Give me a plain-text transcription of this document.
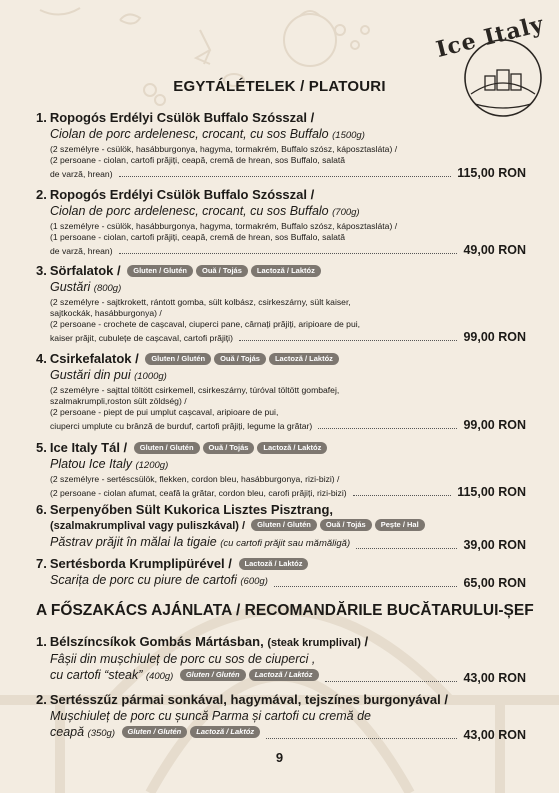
Ice Italy
EGYTÁLÉTELEK / PLATOURI
1. Ropogós Erdélyi Csülök Buffalo Szósszal /
Ciolan de porc ardelenesc, crocant, cu sos Buffalo (1500g)
(2 személyre - csülök, hasábburgonya, hagyma, tormakrém, Buffalo szósz, káposztasláta) /
(2 persoane - ciolan, cartofi prăjiți, ceapă, cremă de hrean, sos Buffalo, salată
de varză, hrean)	115,00 RON
2. Ropogós Erdélyi Csülök Buffalo Szósszal /
Ciolan de porc ardelenesc, crocant, cu sos Buffalo (700g)
(1 személyre - csülök, hasábburgonya, hagyma, tormakrém, Buffalo szósz, káposztasláta) /
(1 persoane - ciolan, cartofi prăjiți, ceapă, cremă de hrean, sos Buffalo, salată
de varză, hrean)	49,00 RON
3. Sörfalatok / Gluten / Glutén Ouă / Tojás Lactoză / Laktóz
Gustări (800g)
(2 személyre - sajtkrokett, rántott gomba, sült kolbász, csirkeszárny, sült kaiser,
sajtkockák, hasábburgonya) /
(2 persoane - crochete de cașcaval, ciuperci pane, cârnați prăjiți, aripioare de pui,
kaiser prăjit, cubulețe de cașcaval, cartofi prăjiți)	99,00 RON
4. Csirkefalatok / Gluten / Glutén Ouă / Tojás Lactoză / Laktóz
Gustări din pui (1000g)
(2 személyre - sajttal töltött csirkemell, csirkeszárny, túróval töltött gombafej,
szalmakrumpli,roston sült zöldség) /
(2 persoane - piept de pui umplut cașcaval, aripioare de pui,
ciuperci umplute cu brânză de burduf, cartofi prăjiți, legume la grătar)	99,00 RON
5. Ice Italy Tál / Gluten / Glutén Ouă / Tojás Lactoză / Laktóz
Platou Ice Italy (1200g)
(2 személyre - sertéscsülök, flekken, cordon bleu, hasábburgonya, rizi-bizi) /
(2 persoane - ciolan afumat, ceafă la grătar, cordon bleu, carofi prăjiți, rizi-bizi)	115,00 RON
6. Serpenyőben Sült Kukorica Lisztes Pisztrang,
(szalmakrumplival vagy puliszkával) / Gluten / Glutén Ouă / Tojás Pește / Hal
Păstrav prăjit în mălai la tigaie (cu cartofi prăjit sau mămăligă)	39,00 RON
7. Sertésborda Krumplipürével / Lactoză / Laktóz
Scarița de porc cu piure de cartofi (600g)	65,00 RON
A FŐSZAKÁCS AJÁNLATA / RECOMANDĂRILE BUCĂTARULUI-ȘEF
1. Bélszíncsíkok Gombás Mártásban, (steak krumplival) /
Fâșii din mușchiuleț de porc cu sos de ciuperci ,
cu cartofi “steak” (400g) Gluten / Glutén Lactoză / Laktóz	43,00 RON
2. Sertésszűz pármai sonkával, hagymával, tejszínes burgonyával /
Mușchiuleț de porc cu șuncă Parma și cartofi cu cremă de
ceapă (350g) Gluten / Glutén Lactoză / Laktóz	43,00 RON
9
